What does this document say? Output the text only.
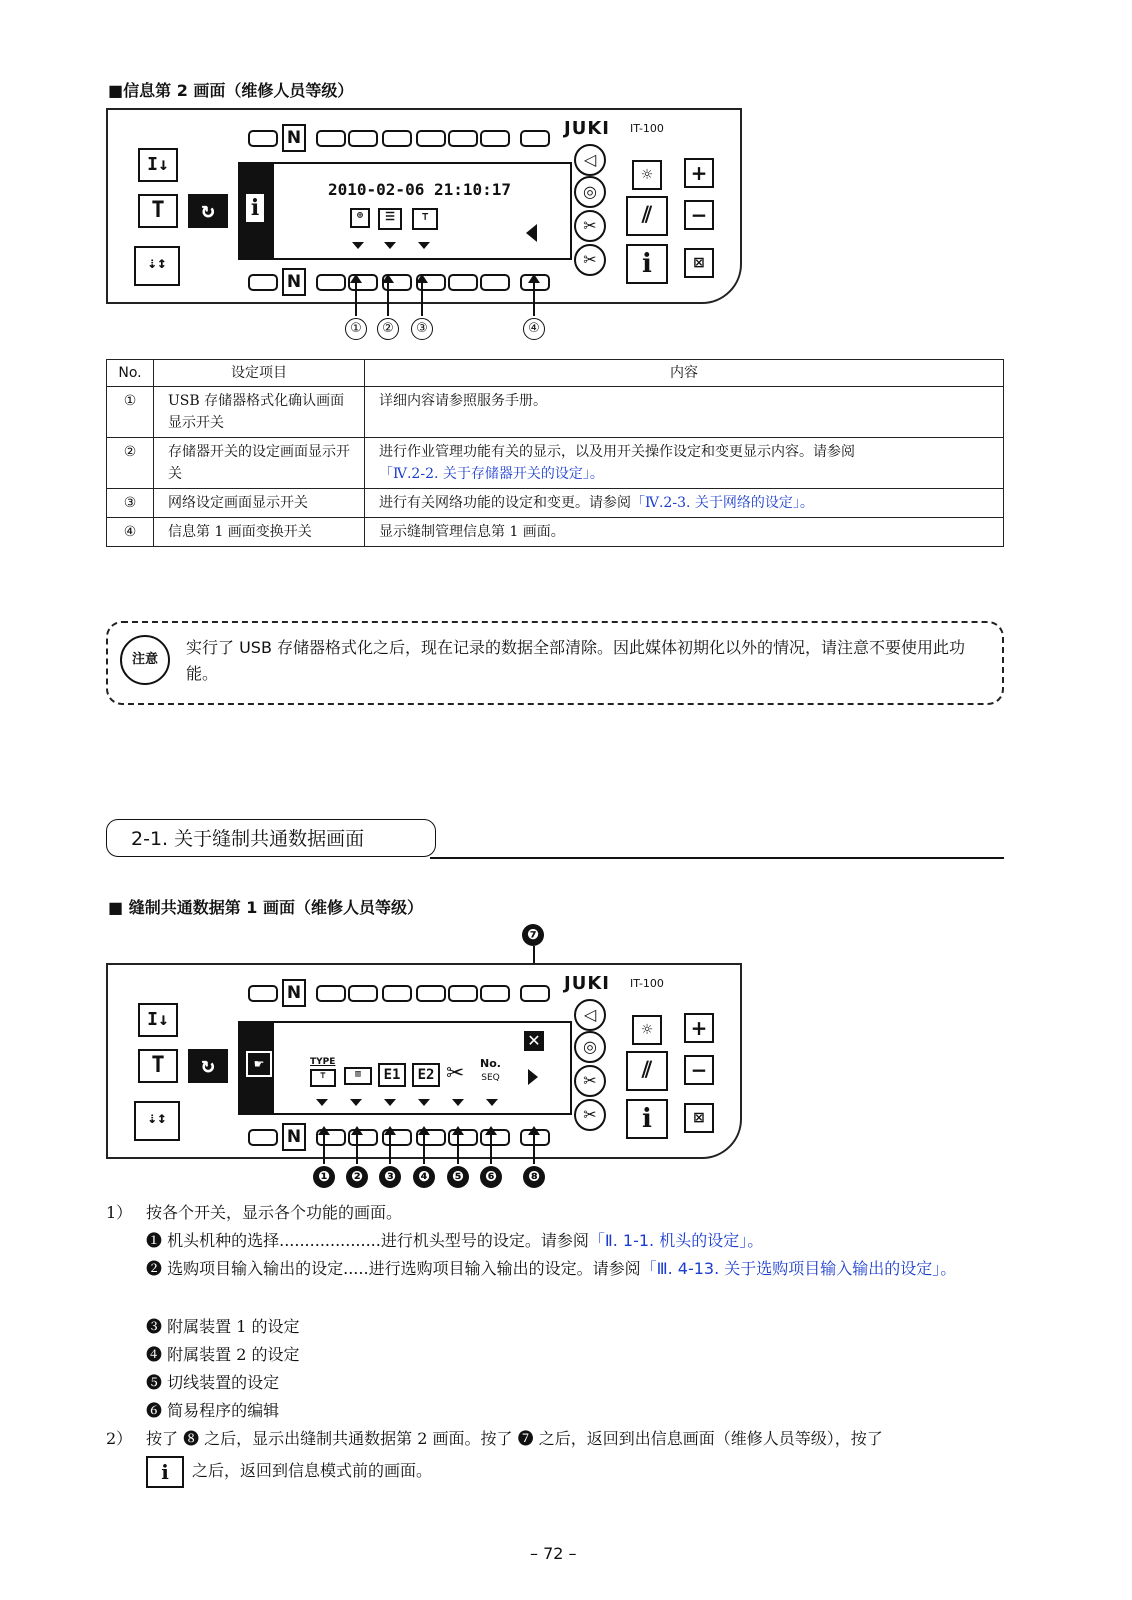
■信息第 2 画面（维修人员等级）
I↓
T	↻
⇣↕
Ν	JUKI IT-100
i
2010-02-06 21:10:17
⊕	☰	⊤
◁
◎
✂
✂
☼	+
⫽	−
i	⊠
N
①	②	③	④
No.	设定项目	内容
①	USB 存储器格式化确认画面显示开关	详细内容请参照服务手册。
②	存储器开关的设定画面显示开关	进行作业管理功能有关的显示，以及用开关操作设定和变更显示内容。请参阅
「Ⅳ.2-2. 关于存储器开关的设定」。
③	网络设定画面显示开关	进行有关网络功能的设定和变更。请参阅「Ⅳ.2-3. 关于网络的设定」。
④	信息第 1 画面变换开关	显示缝制管理信息第 1 画面。
注意
实行了 USB 存储器格式化之后，现在记录的数据全部清除。因此媒体初期化以外的情况，请注意不要使用此功能。
2-1. 关于缝制共通数据画面
■ 缝制共通数据第 1 画面（维修人员等级）
❼
I↓
T	↻
⇣↕
Ν	JUKI IT-100
☛
✕
TYPE
⊤	▥	E1	E2 ✂ No.
SEQ
◁
◎
✂
✂
☼	+
⫽	−
i	⊠
N
❶	❷	❸	❹	❺	❻	❽
1） 按各个开关，显示各个功能的画面。
❶ 机头机种的选择....................进行机头型号的设定。请参阅「Ⅱ. 1-1. 机头的设定」。
❷ 选购项目输入输出的设定.....进行选购项目输入输出的设定。请参阅「Ⅲ. 4-13. 关于选购项目输入输出的设定」。
❸ 附属装置 1 的设定
❹ 附属装置 2 的设定
❺ 切线装置的设定
❻ 简易程序的编辑
2） 按了 ❽ 之后，显示出缝制共通数据第 2 画面。按了 ❼ 之后，返回到出信息画面（维修人员等级），按了
i	之后，返回到信息模式前的画面。
– 72 –
